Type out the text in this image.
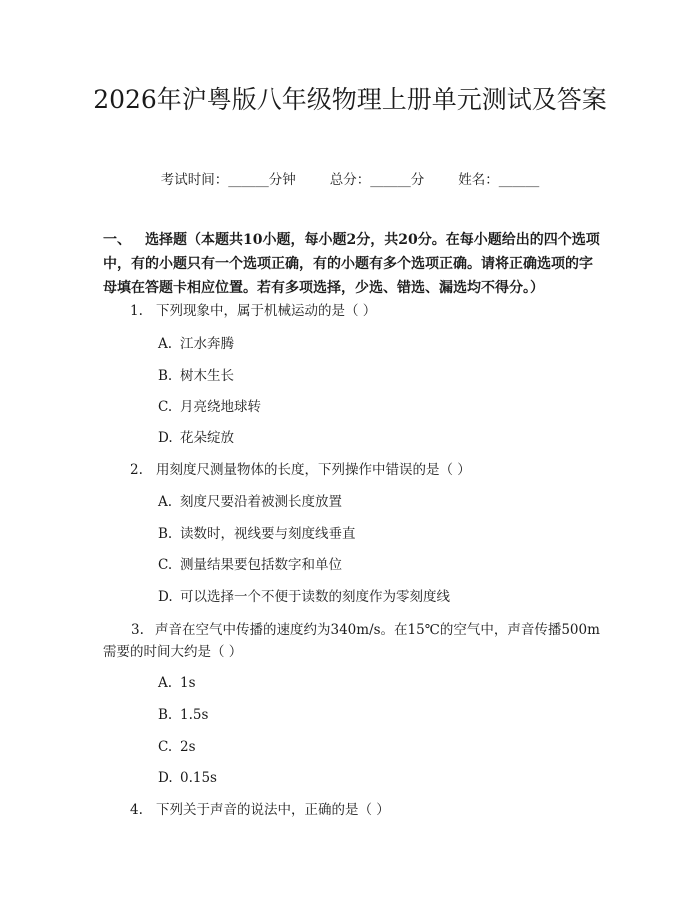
2026年沪粤版八年级物理上册单元测试及答案
考试时间：______分钟	总分：______分	姓名：______

一、 选择题（本题共10小题，每小题2分，共20分。在每小题给出的四个选项中，有的小题只有一个选项正确，有的小题有多个选项正确。请将正确选项的字母填在答题卡相应位置。若有多项选择，少选、错选、漏选均不得分。）

1. 下列现象中，属于机械运动的是（ ）
A. 江水奔腾
B. 树木生长
C. 月亮绕地球转
D. 花朵绽放
2. 用刻度尺测量物体的长度，下列操作中错误的是（ ）
A. 刻度尺要沿着被测长度放置
B. 读数时，视线要与刻度线垂直
C. 测量结果要包括数字和单位
D. 可以选择一个不便于读数的刻度作为零刻度线
3. 声音在空气中传播的速度约为340m/s。在15℃的空气中，声音传播500m需要的时间大约是（ ）
A. 1s
B. 1.5s
C. 2s
D. 0.15s
4. 下列关于声音的说法中，正确的是（ ）
